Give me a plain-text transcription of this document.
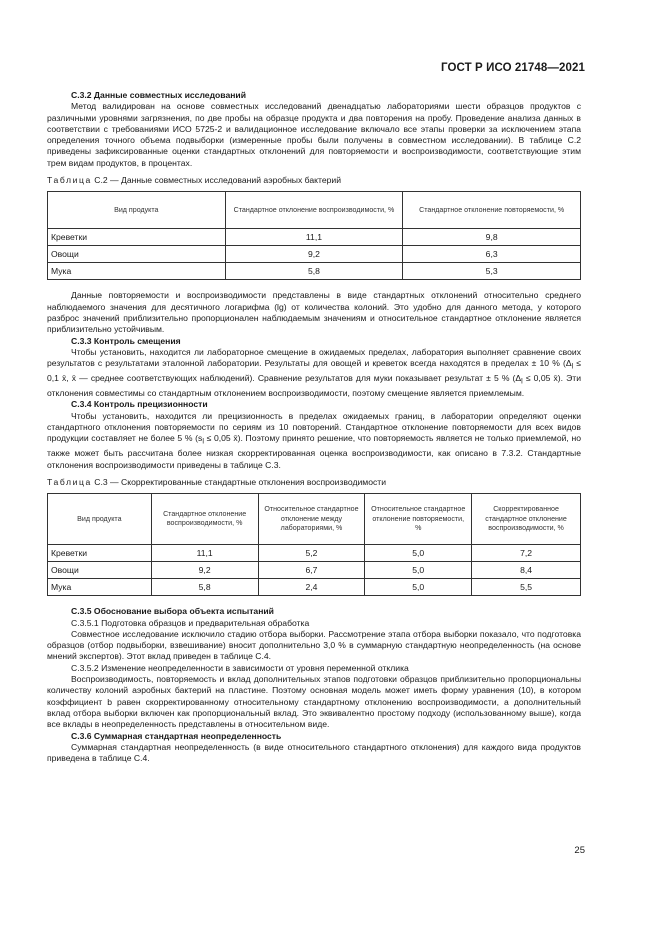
ГОСТ Р ИСО 21748—2021

С.3.2 Данные совместных исследований

Метод валидирован на основе совместных исследований двенадцатью лабораториями шести образцов продуктов с различными уровнями загрязнения, по две пробы на образце продукта и два повторения на пробу. Проведение анализа данных в соответствии с требованиями ИСО 5725-2 и валидационное исследование включало все этапы проверки за исключением этапа определения точного объема подвыборки (измеренные пробы были получены в совместном исследовании). В таблице С.2 приведены зафиксированные оценки стандартных отклонений для повторяемости и воспроизводимости, соответствующие этим трем видам продуктов, в процентах.

Таблица С.2 — Данные совместных исследований аэробных бактерий
Вид продукта	Стандартное отклонение воспроизводимости, %	Стандартное отклонение повторяемости, %
Креветки	11,1	9,8
Овощи	9,2	6,3
Мука	5,8	5,3

Данные повторяемости и воспроизводимости представлены в виде стандартных отклонений относительно среднего наблюдаемого значения для десятичного логарифма (lg) от количества колоний. Это удобно для данного метода, у которого разброс значений приблизительно пропорционален наблюдаемым значениям и относительное стандартное отклонение является приблизительно устойчивым.

С.3.3 Контроль смещения

Чтобы установить, находится ли лабораторное смещение в ожидаемых пределах, лаборатория выполняет сравнение своих результатов с результатами эталонной лаборатории. Результаты для овощей и креветок всегда находятся в пределах ± 10 % ($\Delta_l \le 0,1$ x̄, x̄ — среднее соответствующих наблюдений). Сравнение результатов для муки показывает результат ± 5 % ($\Delta_l \le 0,05$ x̄). Эти отклонения совместимы со стандартным отклонением воспроизводимости, поэтому смещение является приемлемым.

С.3.4 Контроль прецизионности

Чтобы установить, находится ли прецизионность в пределах ожидаемых границ, в лаборатории определяют оценки стандартного отклонения повторяемости по сериям из 10 повторений. Стандартное отклонение повторяемости для всех видов продукции составляет не более 5 % ($s_l \le 0,05$ x̄). Поэтому принято решение, что повторяемость является не только приемлемой, но также может быть рассчитана более низкая скорректированная оценка воспроизводимости, как описано в 7.3.2. Стандартные отклонения воспроизводимости приведены в таблице С.3.

Таблица С.3 — Скорректированные стандартные отклонения воспроизводимости
Вид продукта	Стандартное отклонение воспроизводимости, %	Относительное стандартное отклонение между лабораториями, %	Относительное стандартное отклонение повторяемости, %	Скорректированное стандартное отклонение воспроизводимости, %
Креветки	11,1	5,2	5,0	7,2
Овощи	9,2	6,7	5,0	8,4
Мука	5,8	2,4	5,0	5,5

С.3.5 Обоснование выбора объекта испытаний

С.3.5.1 Подготовка образцов и предварительная обработка

Совместное исследование исключило стадию отбора выборки. Рассмотрение этапа отбора выборки показало, что подготовка образцов (отбор подвыборки, взвешивание) вносит дополнительно 3,0 % в суммарную стандартную неопределенность (на основе мнений экспертов). Этот вклад приведен в таблице С.4.

С.3.5.2 Изменение неопределенности в зависимости от уровня переменной отклика

Воспроизводимость, повторяемость и вклад дополнительных этапов подготовки образцов приблизительно пропорциональны количеству колоний аэробных бактерий на пластине. Поэтому основная модель может иметь форму уравнения (10), в котором коэффициент b равен скорректированному относительному стандартному отклонению воспроизводимости, а дополнительный вклад отбора выборки включен как пропорциональный вклад. Это эквивалентно простому подходу (использованному выше), когда все вклады в неопределенность представлены в относительном виде.

С.3.6 Суммарная стандартная неопределенность

Суммарная стандартная неопределенность (в виде относительного стандартного отклонения) для каждого вида продуктов приведена в таблице С.4.

25
